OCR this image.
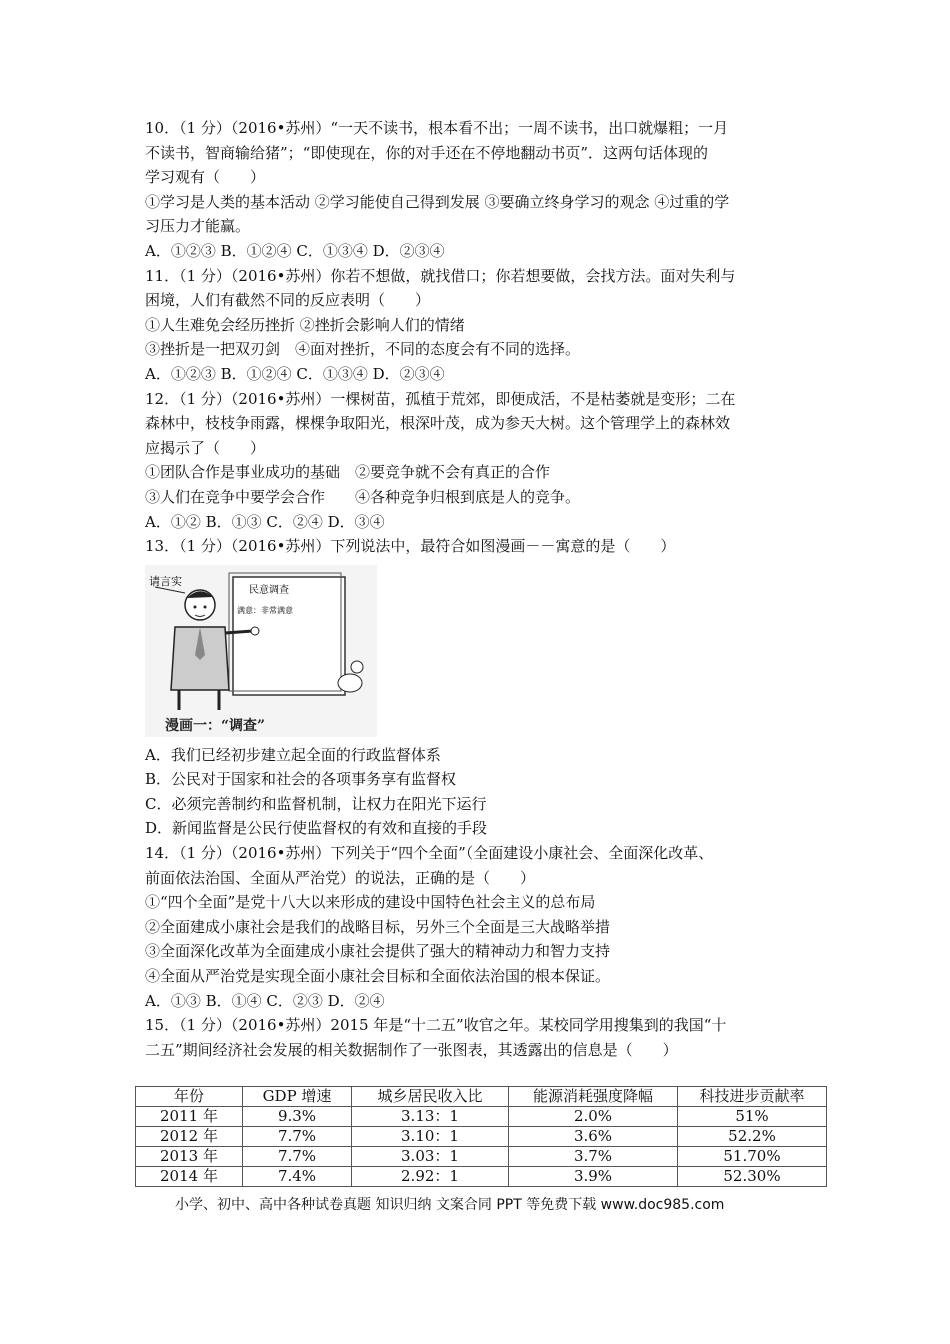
10．（1 分）（2016•苏州）“一天不读书，根本看不出；一周不读书，出口就爆粗；一月
不读书，智商输给猪”；“即使现在，你的对手还在不停地翻动书页”．这两句话体现的
学习观有（　　）
①学习是人类的基本活动 ②学习能使自己得到发展 ③要确立终身学习的观念 ④过重的学
习压力才能赢。
A．①②③ B．①②④ C．①③④ D．②③④
11．（1 分）（2016•苏州）你若不想做，就找借口；你若想要做，会找方法。面对失利与
困境，人们有截然不同的反应表明（　　）
①人生难免会经历挫折 ②挫折会影响人们的情绪
③挫折是一把双刃剑　④面对挫折，不同的态度会有不同的选择。
A．①②③ B．①②④ C．①③④ D．②③④
12．（1 分）（2016•苏州）一棵树苗，孤植于荒郊，即便成活，不是枯萎就是变形；二在
森林中，枝枝争雨露，棵棵争取阳光，根深叶茂，成为参天大树。这个管理学上的森林效
应揭示了（　　）
①团队合作是事业成功的基础　②要竞争就不会有真正的合作
③人们在竞争中要学会合作　　④各种竞争归根到底是人的竞争。
A．①② B．①③ C．②④ D．③④
13．（1 分）（2016•苏州）下列说法中，最符合如图漫画－－寓意的是（　　）
民意调查
满意：非常满意
请言实
漫画一：“调查”
A．我们已经初步建立起全面的行政监督体系
B．公民对于国家和社会的各项事务享有监督权
C．必须完善制约和监督机制，让权力在阳光下运行
D．新闻监督是公民行使监督权的有效和直接的手段
14．（1 分）（2016•苏州）下列关于“四个全面”（全面建设小康社会、全面深化改革、
前面依法治国、全面从严治党）的说法，正确的是（　　）
①“四个全面”是党十八大以来形成的建设中国特色社会主义的总布局
②全面建成小康社会是我们的战略目标，另外三个全面是三大战略举措
③全面深化改革为全面建成小康社会提供了强大的精神动力和智力支持
④全面从严治党是实现全面小康社会目标和全面依法治国的根本保证。
A．①③ B．①④ C．②③ D．②④
15．（1 分）（2016•苏州）2015 年是“十二五”收官之年。某校同学用搜集到的我国“十
二五”期间经济社会发展的相关数据制作了一张图表，其透露出的信息是（　　）
年份	GDP 增速	城乡居民收入比	能源消耗强度降幅	科技进步贡献率
2011 年	9.3%	3.13：1	2.0%	51%
2012 年	7.7%	3.10：1	3.6%	52.2%
2013 年	7.7%	3.03：1	3.7%	51.70%
2014 年	7.4%	2.92：1	3.9%	52.30%
小学、初中、高中各种试卷真题 知识归纳 文案合同 PPT 等免费下载 www.doc985.com
